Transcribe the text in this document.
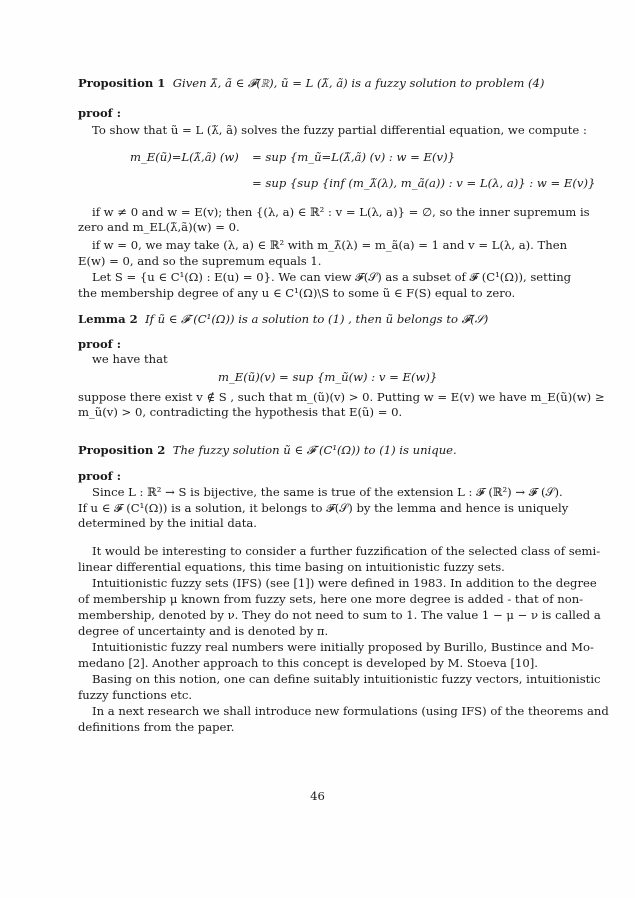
Proposition 1 Given λ̃, ã ∈ 𝓕(ℝ), ũ = L (λ̃, ã) is a fuzzy solution to problem (4)
proof :
To show that ũ = L (λ̃, ã) solves the fuzzy partial differential equation, we compute :
m_E(ũ)=L(λ̃,ã) (w) = sup {m_ũ=L(λ̃,ã) (v) : w = E(v)}
= sup {sup {inf (m_λ̃(λ), m_ã(a)) : v = L(λ, a)} : w = E(v)}
if w ≠ 0 and w = E(v); then {(λ, a) ∈ ℝ² : v = L(λ, a)} = ∅, so the inner supremum is
zero and m_EL(λ̃,ã)(w) = 0.
if w = 0, we may take (λ, a) ∈ ℝ² with m_λ̃(λ) = m_ã(a) = 1 and v = L(λ, a). Then
E(w) = 0, and so the supremum equals 1.
Let S = {u ∈ C¹(Ω) : E(u) = 0}. We can view 𝓕(𝒮) as a subset of 𝓕 (C¹(Ω)), setting
the membership degree of any u ∈ C¹(Ω)\S to some ũ ∈ F(S) equal to zero.
Lemma 2 If ũ ∈ 𝓕 (C¹(Ω)) is a solution to (1) , then ũ belongs to 𝓕(𝒮)
proof :
we have that
m_E(ũ)(v) = sup {m_ũ(w) : v = E(w)}
suppose there exist v ∉ S , such that m_(ũ)(v) > 0. Putting w = E(v) we have m_E(ũ)(w) ≥
m_ũ(v) > 0, contradicting the hypothesis that E(ũ) = 0.
Proposition 2 The fuzzy solution ũ ∈ 𝓕 (C¹(Ω)) to (1) is unique.
proof :
Since L : ℝ² → S is bijective, the same is true of the extension L : 𝓕 (ℝ²) → 𝓕 (𝒮).
If u ∈ 𝓕 (C¹(Ω)) is a solution, it belongs to 𝓕(𝒮) by the lemma and hence is uniquely
determined by the initial data.
It would be interesting to consider a further fuzzification of the selected class of semi-
linear differential equations, this time basing on intuitionistic fuzzy sets.
Intuitionistic fuzzy sets (IFS) (see [1]) were defined in 1983. In addition to the degree
of membership μ known from fuzzy sets, here one more degree is added - that of non-
membership, denoted by ν. They do not need to sum to 1. The value 1 − μ − ν is called a
degree of uncertainty and is denoted by π.
Intuitionistic fuzzy real numbers were initially proposed by Burillo, Bustince and Mo-
medano [2]. Another approach to this concept is developed by M. Stoeva [10].
Basing on this notion, one can define suitably intuitionistic fuzzy vectors, intuitionistic
fuzzy functions etc.
In a next research we shall introduce new formulations (using IFS) of the theorems and
definitions from the paper.
46
